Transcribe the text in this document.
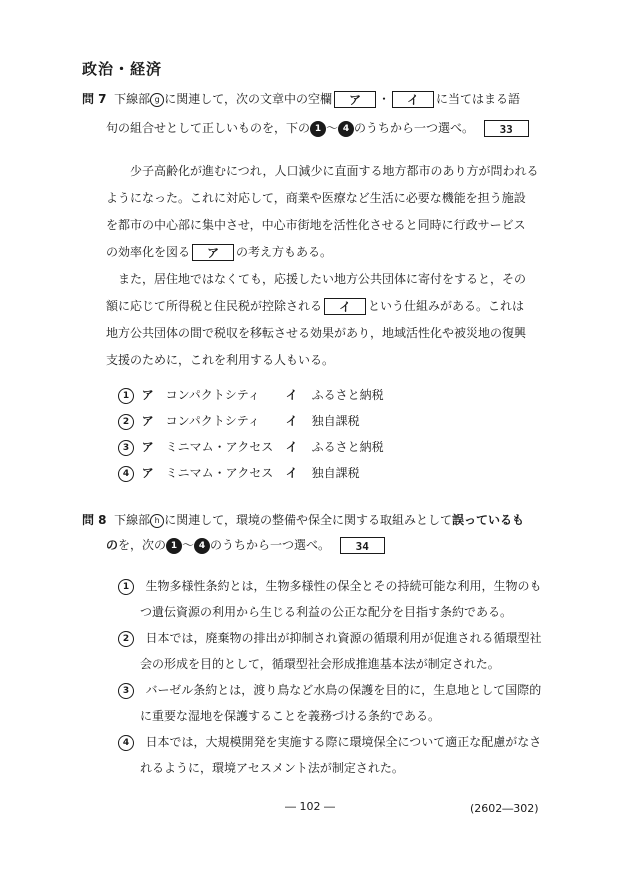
政治・経済
問 7 下線部 g に関連して，次の文章中の空欄 ア ・ イ に当てはまる語
句の組合せとして正しいものを，下の 1 ～ 4 のうちから一つ選べ。 33
少子高齢化が進むにつれ，人口減少に直面する地方都市のあり方が問われる
ようになった。これに対応して，商業や医療など生活に必要な機能を担う施設
を都市の中心部に集中させ，中心市街地を活性化させると同時に行政サービス
の効率化を図る ア の考え方もある。
また，居住地ではなくても，応援したい地方公共団体に寄付をすると，その
額に応じて所得税と住民税が控除される イ という仕組みがある。これは
地方公共団体の間で税収を移転させる効果があり，地域活性化や被災地の復興
支援のために，これを利用する人もいる。
1 ア コンパクトシティ イ ふるさと納税
2 ア コンパクトシティ イ 独自課税
3 ア ミニマム・アクセス イ ふるさと納税
4 ア ミニマム・アクセス イ 独自課税
問 8 下線部 h に関連して，環境の整備や保全に関する取組みとして誤っているも
のを，次の 1 ～ 4 のうちから一つ選べ。 34
1 生物多様性条約とは，生物多様性の保全とその持続可能な利用，生物のも
つ遺伝資源の利用から生じる利益の公正な配分を目指す条約である。
2 日本では，廃棄物の排出が抑制され資源の循環利用が促進される循環型社
会の形成を目的として，循環型社会形成推進基本法が制定された。
3 バーゼル条約とは，渡り鳥など水鳥の保護を目的に，生息地として国際的
に重要な湿地を保護することを義務づける条約である。
4 日本では，大規模開発を実施する際に環境保全について適正な配慮がなさ
れるように，環境アセスメント法が制定された。
― 102 ―	(2602―302)
